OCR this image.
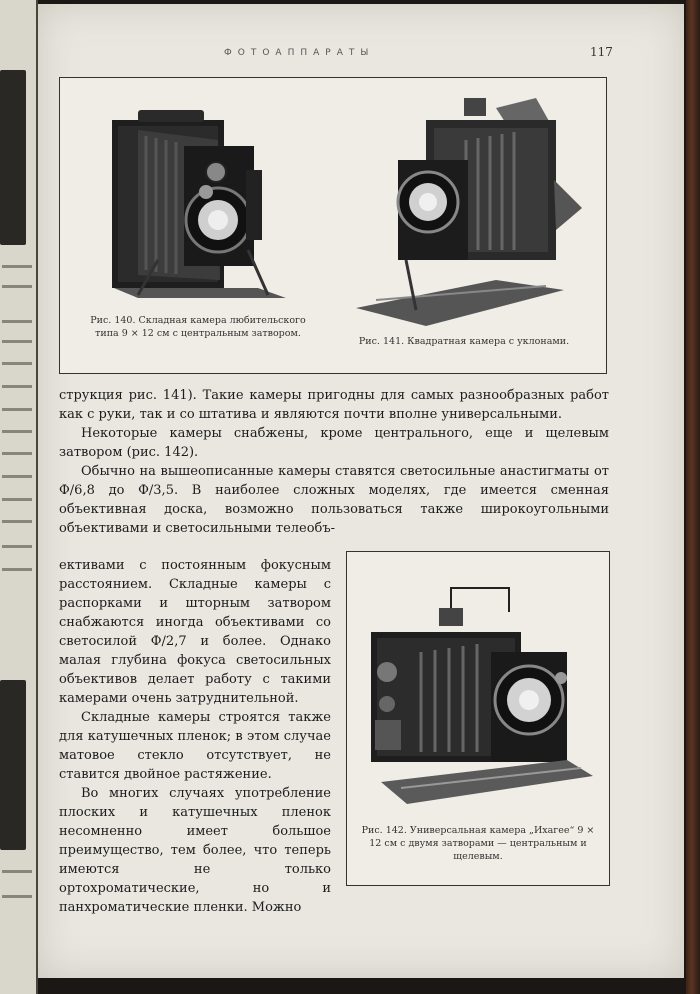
ФОТОАППАРАТЫ	117
Рис. 140. Складная камера любительского типа 9 × 12 см с центральным затвором.
Рис. 141. Квадратная камера с уклонами.

струкция рис. 141). Такие камеры пригодны для самых разнообразных работ как с руки, так и со штатива и являются почти вполне универсальными.

Некоторые камеры снабжены, кроме центрального, еще и щелевым затвором (рис. 142).

Обычно на вышеописанные камеры ставятся светосильные анастигматы от Ф/6,8 до Ф/3,5. В наиболее сложных моделях, где имеется сменная объективная доска, возможно пользоваться также широкоугольными объективами и светосильными телеобъ-

ективами с постоянным фокусным расстоянием. Складные камеры с распорками и шторным затвором снабжаются иногда объективами со светосилой Ф/2,7 и более. Однако малая глубина фокуса светосильных объективов делает работу с такими камерами очень затруднительной.

Складные камеры строятся также для катушечных пленок; в этом случае матовое стекло отсутствует, не ставится двойное растяжение.

Во многих случаях употребление плоских и катушечных пленок несомненно имеет большое преимущество, тем более, что теперь имеются не только ортохроматические, но и панхроматические пленки. Можно

Рис. 142. Универсальная камера „Ихагее“ 9 × 12 см с двумя затворами — центральным и щелевым.
